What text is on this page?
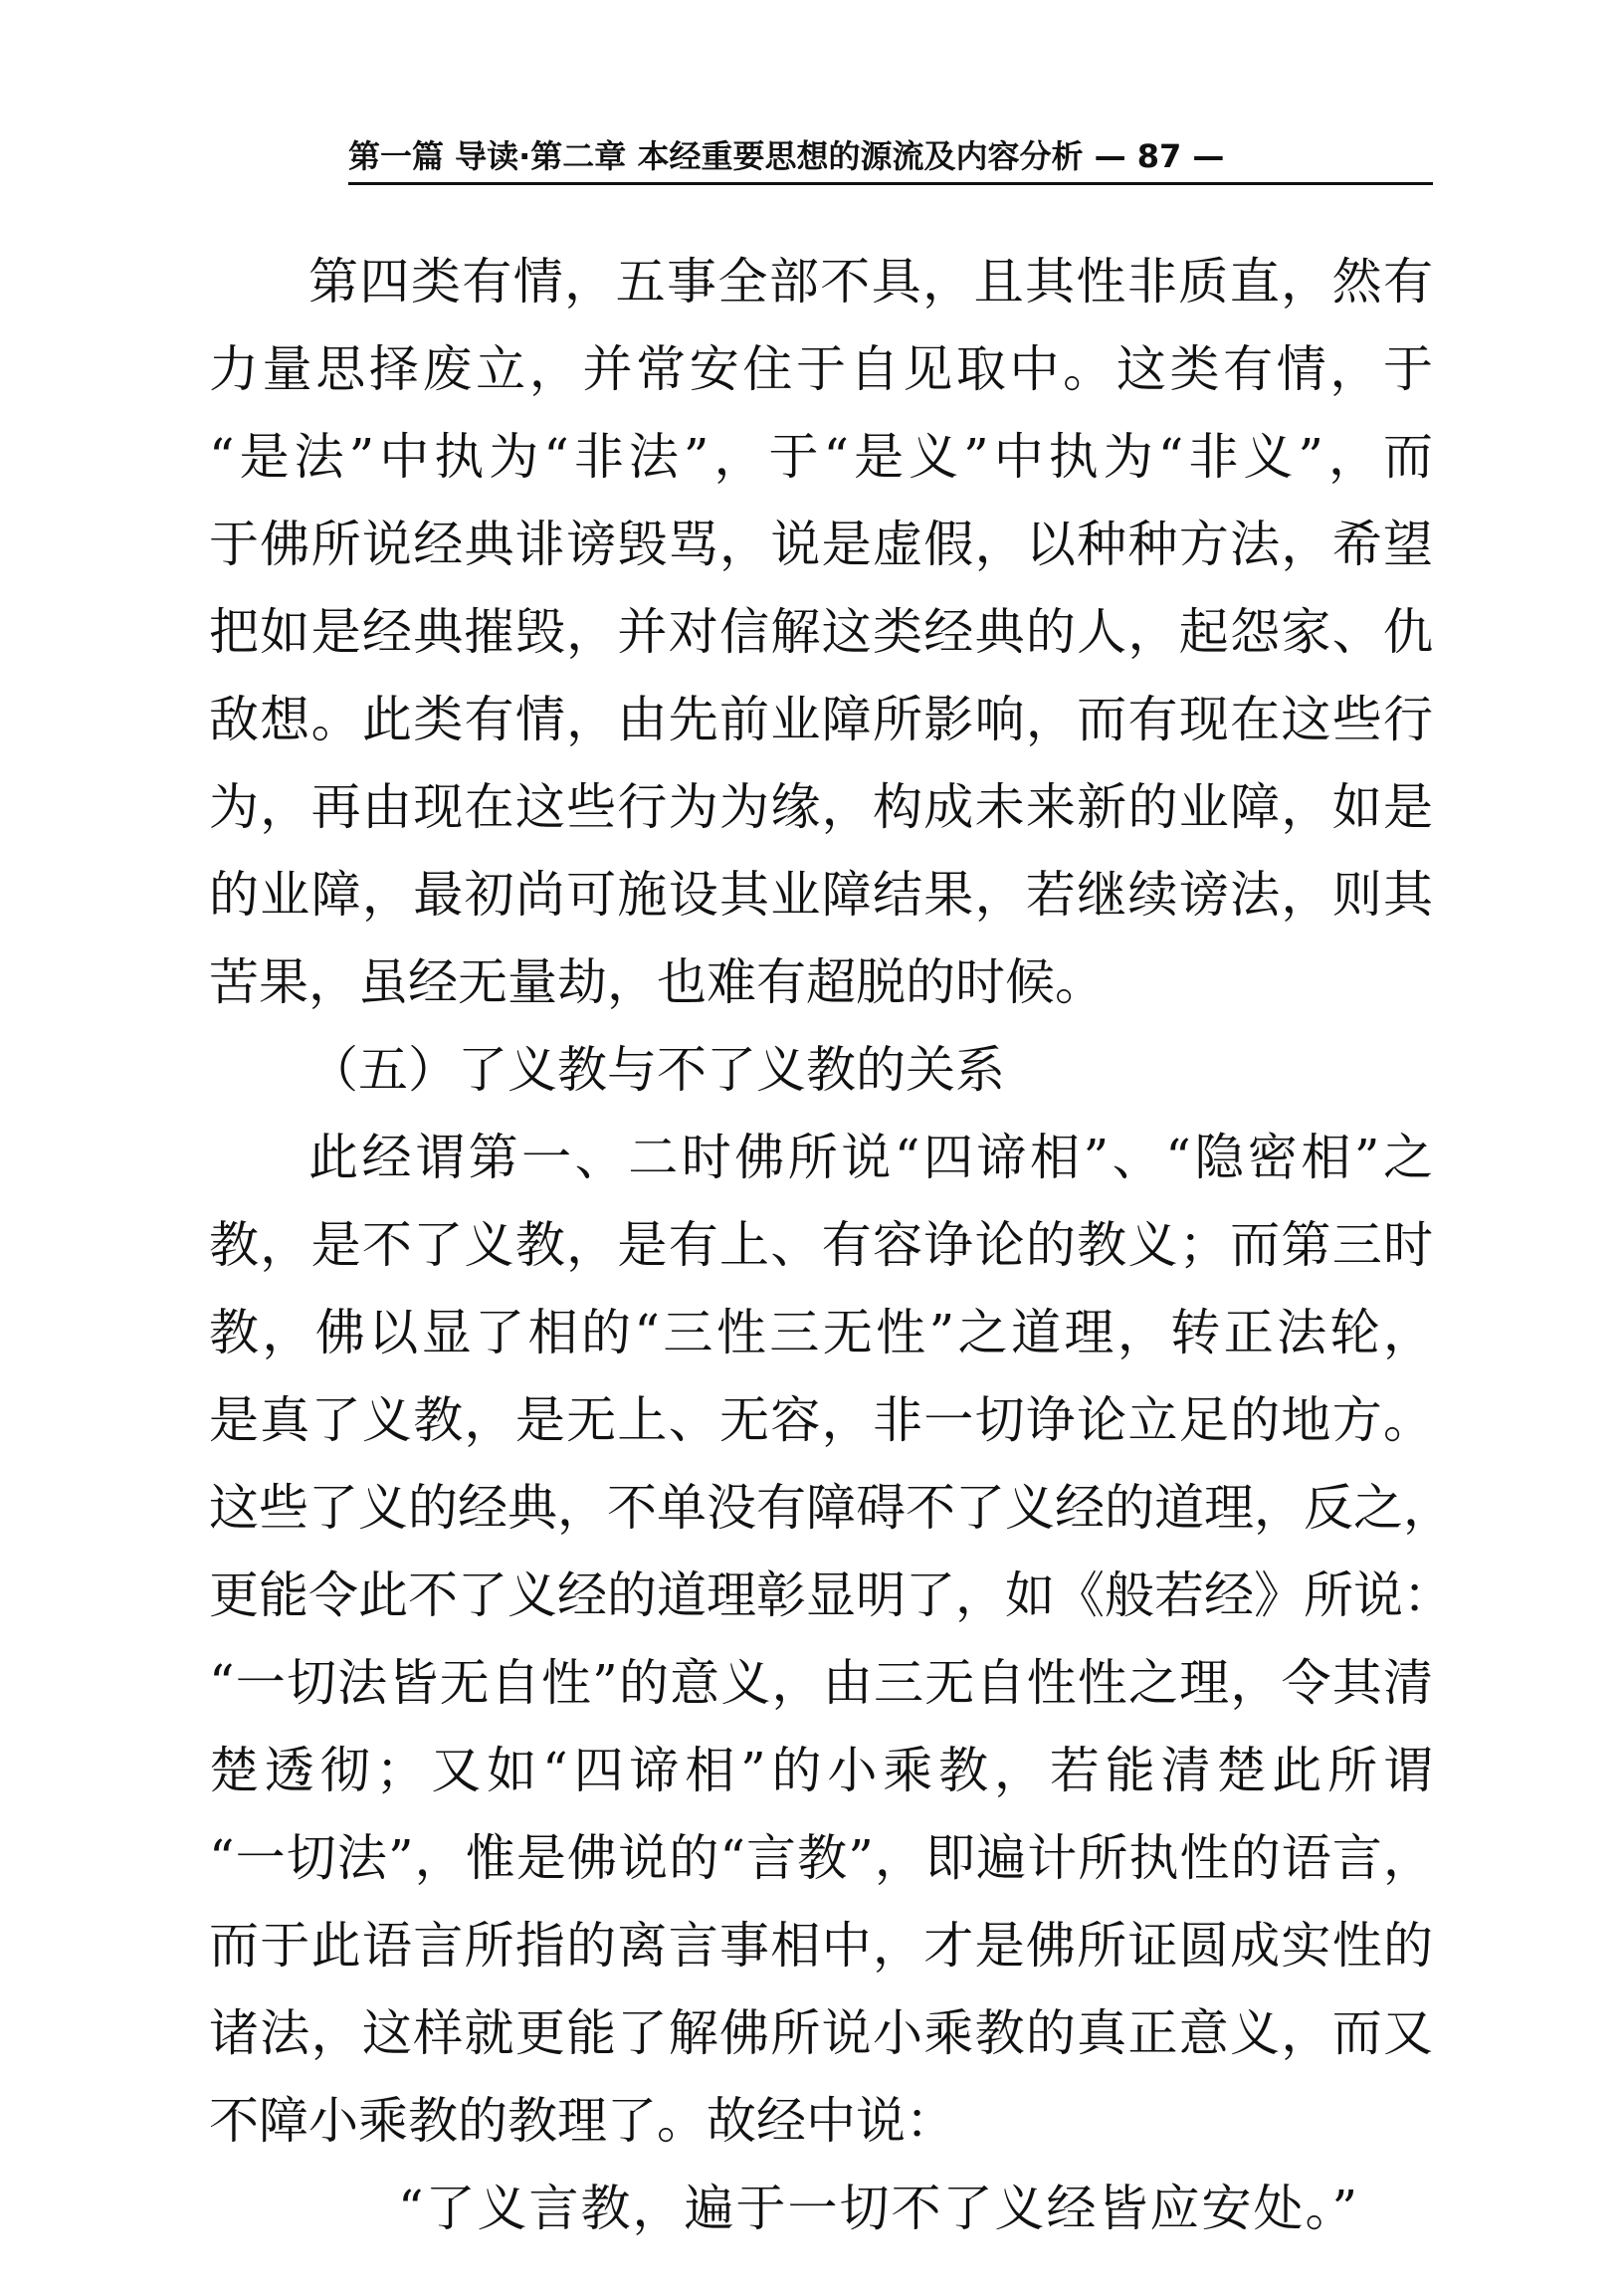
第一篇 导读·第二章 本经重要思想的源流及内容分析 — 87 —
第四类有情，五事全部不具，且其性非质直，然有
力量思择废立，并常安住于自见取中。这类有情，于
“是法”中执为“非法”，于“是义”中执为“非义”，而
于佛所说经典诽谤毁骂，说是虚假，以种种方法，希望
把如是经典摧毁，并对信解这类经典的人，起怨家、仇
敌想。此类有情，由先前业障所影响，而有现在这些行
为，再由现在这些行为为缘，构成未来新的业障，如是
的业障，最初尚可施设其业障结果，若继续谤法，则其
苦果，虽经无量劫，也难有超脱的时候。
（五）了义教与不了义教的关系
此经谓第一、二时佛所说“四谛相”、“隐密相”之
教，是不了义教，是有上、有容诤论的教义；而第三时
教，佛以显了相的“三性三无性”之道理，转正法轮，
是真了义教，是无上、无容，非一切诤论立足的地方。
这些了义的经典，不单没有障碍不了义经的道理，反之，
更能令此不了义经的道理彰显明了，如《般若经》所说：
“一切法皆无自性”的意义，由三无自性性之理，令其清
楚透彻；又如“四谛相”的小乘教，若能清楚此所谓
“一切法”，惟是佛说的“言教”，即遍计所执性的语言，
而于此语言所指的离言事相中，才是佛所证圆成实性的
诸法，这样就更能了解佛所说小乘教的真正意义，而又
不障小乘教的教理了。故经中说：
“了义言教，遍于一切不了义经皆应安处。”
